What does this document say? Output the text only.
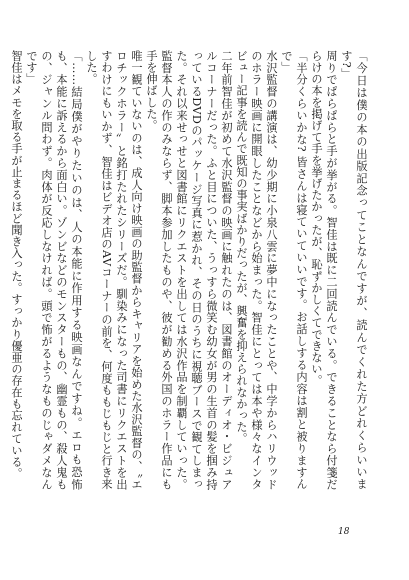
「今日は僕の本の出版記念ってことなんですが、読んでくれた方どれくらいいます?」

周りでぱらぱらと手が挙がる。智佳は既に二回読んでいる。できることなら付箋だらけの本を掲げて手を挙げたかったが、恥ずかしくてできない。

「半分くらいかな? 皆さんは寝ていていいです。お話しする内容は割と被りますんで」

水沢監督の講演は、幼少期に小泉八雲に夢中になったことや、中学からハリウッドのホラー映画に開眼したことなどから始まった。智佳にとっては本や様々なインタビュー記事を読んで既知の事実ばかりだったが、興奮を抑えられなかった。

二年前智佳が初めて水沢監督の映画に触れたのは、図書館のオーディオ・ビジュアルコーナーだった。ふと目についた、うっすら微笑む幼女が男の生首の髪を掴み持っているDVDのパッケージ写真に惹かれ、その日のうちに視聴ブースで観てしまった。それ以来せっせと図書館にリクエストを出しては水沢作品を制覇していった。監督本人の作のみならず、脚本参加したものや、彼が勧める外国のホラー作品にも手を伸ばした。

唯一観ていないのは、成人向け映画の助監督からキャリアを始めた水沢監督の、〝エロチックホラー〟と銘打たれたシリーズだ。馴染みになった司書にリクエストを出すわけにもいかず、智佳はビデオ店のAVコーナーの前を、何度ももじもじと行き来した。

「……結局僕がやりたいのは、人の本能に作用する映画なんですね。エロも恐怖も、本能に訴えるから面白い。ゾンビなどのモンスターもの、幽霊もの、殺人鬼もの、ジャンル問わず。肉体が反応しなければ。頭で怖がるようなものじゃダメなんです」

智佳はメモを取る手が止まるほど聞き入った。すっかり優亜の存在も忘れている。

18
